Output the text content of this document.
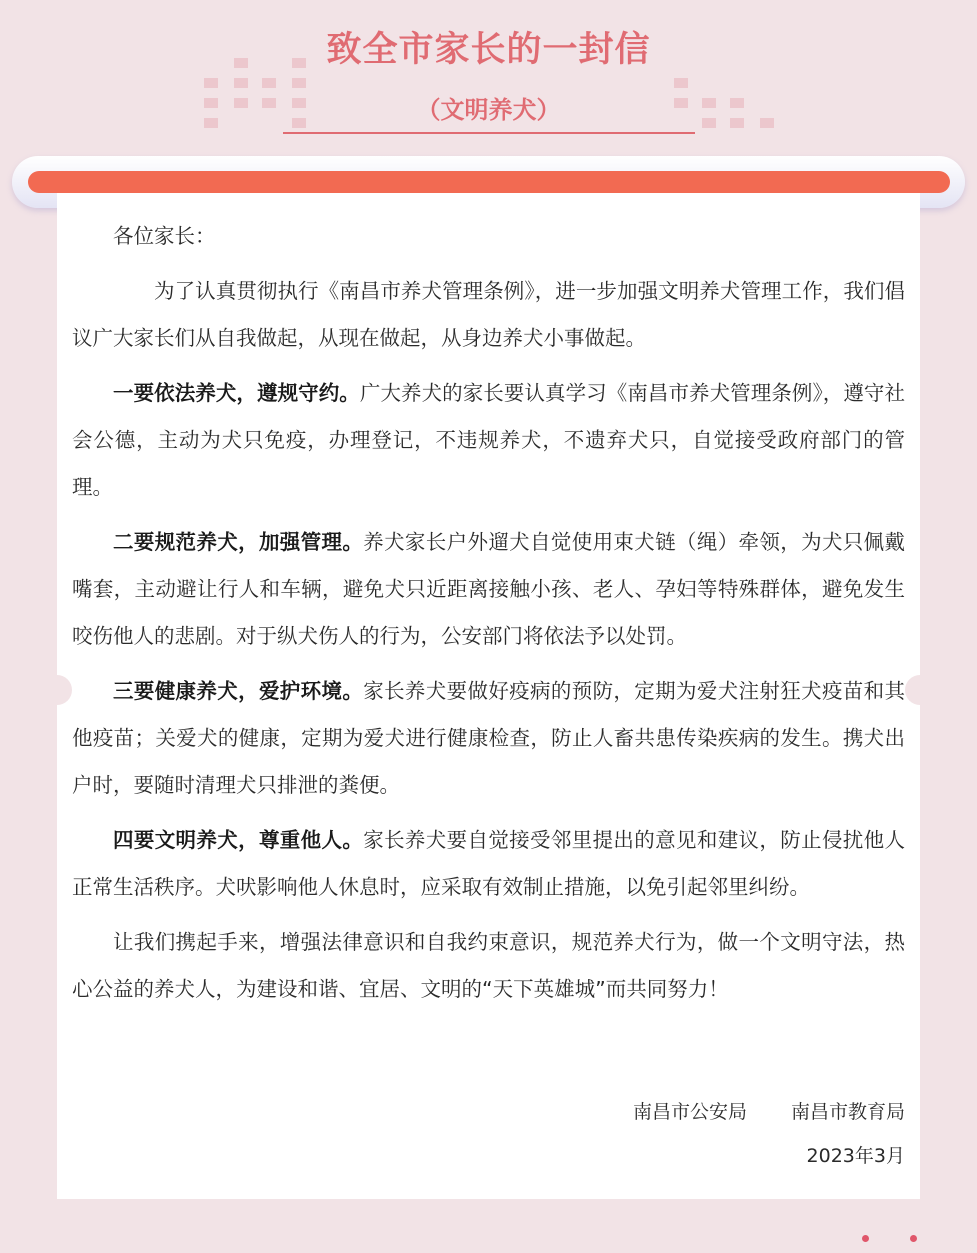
致全市家长的一封信
（文明养犬）

各位家长：

为了认真贯彻执行《南昌市养犬管理条例》，进一步加强文明养犬管理工作，我们倡议广大家长们从自我做起，从现在做起，从身边养犬小事做起。

一要依法养犬，遵规守约。广大养犬的家长要认真学习《南昌市养犬管理条例》，遵守社会公德，主动为犬只免疫，办理登记，不违规养犬，不遗弃犬只，自觉接受政府部门的管理。

二要规范养犬，加强管理。养犬家长户外遛犬自觉使用束犬链（绳）牵领，为犬只佩戴嘴套，主动避让行人和车辆，避免犬只近距离接触小孩、老人、孕妇等特殊群体，避免发生咬伤他人的悲剧。对于纵犬伤人的行为，公安部门将依法予以处罚。

三要健康养犬，爱护环境。家长养犬要做好疫病的预防，定期为爱犬注射狂犬疫苗和其他疫苗；关爱犬的健康，定期为爱犬进行健康检查，防止人畜共患传染疾病的发生。携犬出户时，要随时清理犬只排泄的粪便。

四要文明养犬，尊重他人。家长养犬要自觉接受邻里提出的意见和建议，防止侵扰他人正常生活秩序。犬吠影响他人休息时，应采取有效制止措施，以免引起邻里纠纷。

让我们携起手来，增强法律意识和自我约束意识，规范养犬行为，做一个文明守法，热心公益的养犬人，为建设和谐、宜居、文明的“天下英雄城”而共同努力！

南昌市公安局 南昌市教育局
2023年3月
